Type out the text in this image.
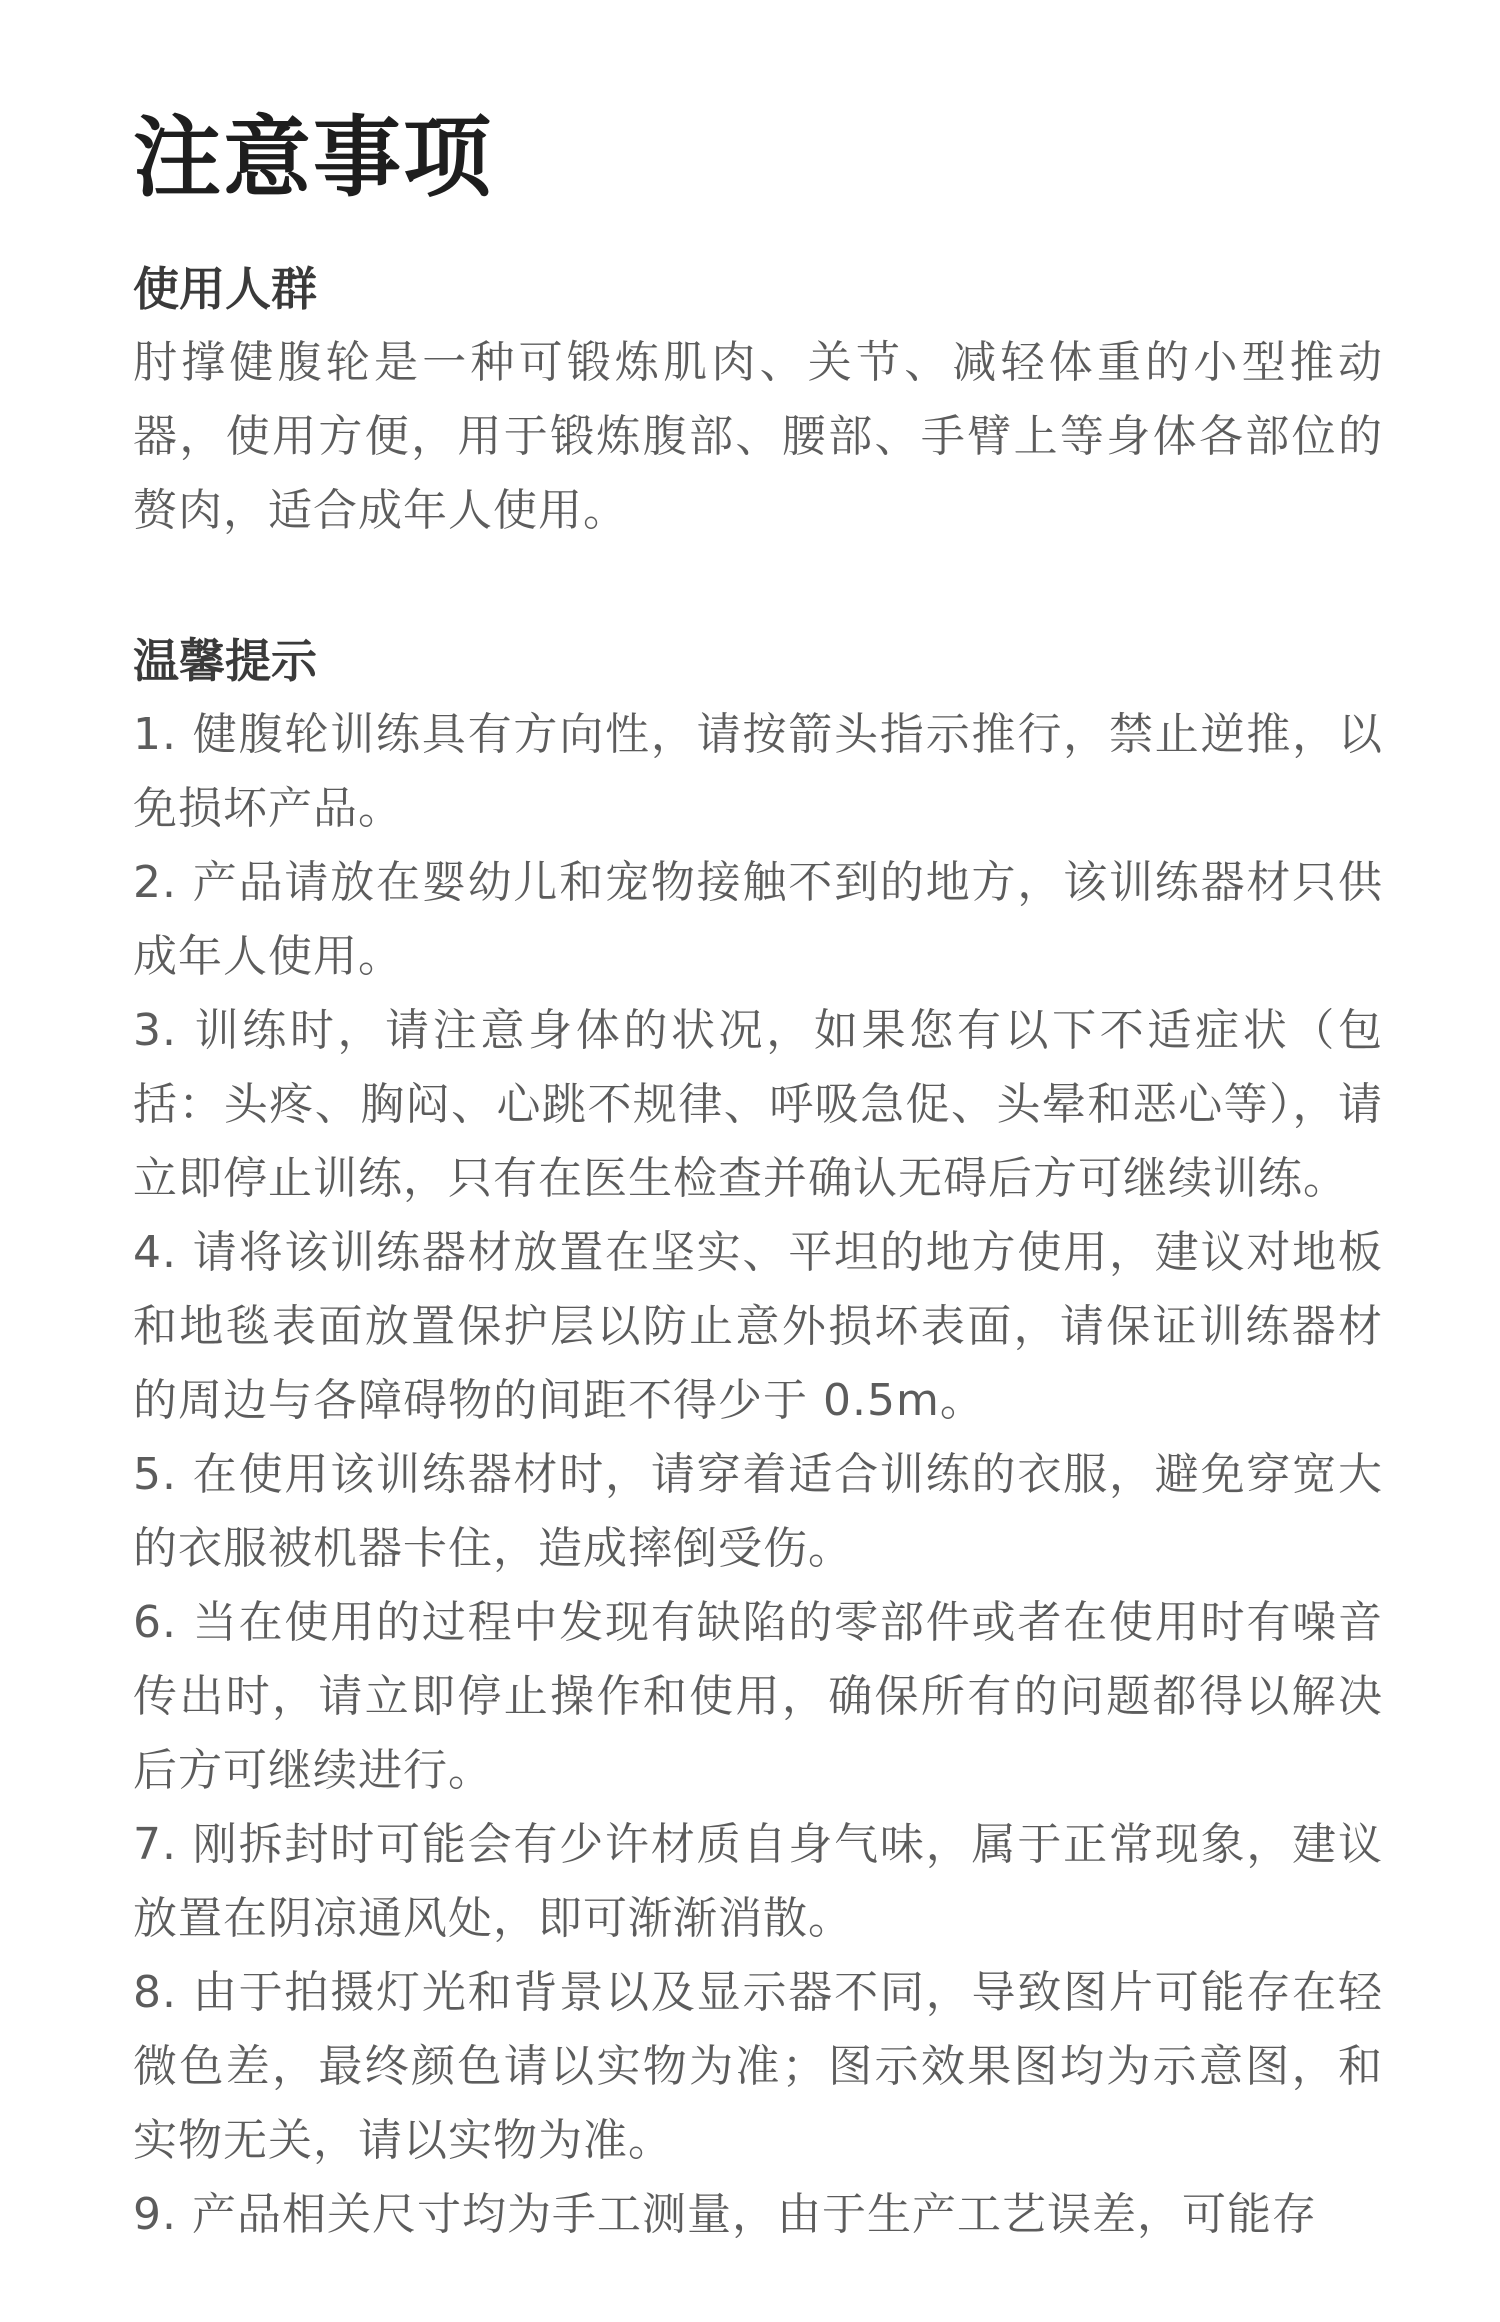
注意事项
使用人群

肘撑健腹轮是一种可锻炼肌肉、关节、减轻体重的小型推动器，使用方便，用于锻炼腹部、腰部、手臂上等身体各部位的赘肉，适合成年人使用。

温馨提示
1. 健腹轮训练具有方向性，请按箭头指示推行，禁止逆推，以免损坏产品。
2. 产品请放在婴幼儿和宠物接触不到的地方，该训练器材只供成年人使用。
3. 训练时，请注意身体的状况，如果您有以下不适症状（包括：头疼、胸闷、心跳不规律、呼吸急促、头晕和恶心等），请立即停止训练，只有在医生检查并确认无碍后方可继续训练。
4. 请将该训练器材放置在坚实、平坦的地方使用，建议对地板和地毯表面放置保护层以防止意外损坏表面，请保证训练器材的周边与各障碍物的间距不得少于 0.5m。
5. 在使用该训练器材时，请穿着适合训练的衣服，避免穿宽大的衣服被机器卡住，造成摔倒受伤。
6. 当在使用的过程中发现有缺陷的零部件或者在使用时有噪音传出时，请立即停止操作和使用，确保所有的问题都得以解决后方可继续进行。
7. 刚拆封时可能会有少许材质自身气味，属于正常现象，建议放置在阴凉通风处，即可渐渐消散。
8. 由于拍摄灯光和背景以及显示器不同，导致图片可能存在轻微色差，最终颜色请以实物为准；图示效果图均为示意图，和实物无关，请以实物为准。
9. 产品相关尺寸均为手工测量，由于生产工艺误差，可能存
